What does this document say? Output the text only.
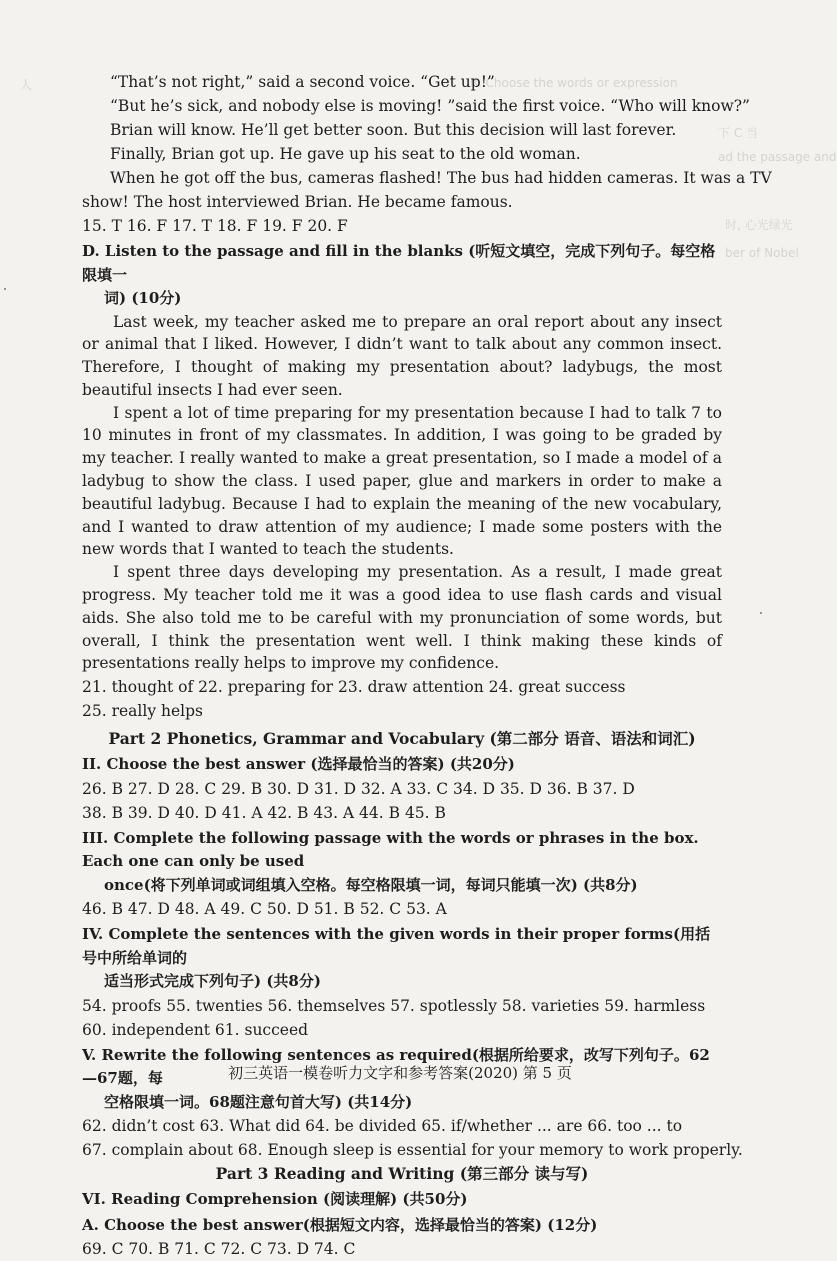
R. Choose the words or expression
人
下 C 当
ad the passage and
时, 心光绿光
ber of Nobel
“That’s not right,” said a second voice. “Get up!”
“But he’s sick, and nobody else is moving! ”said the first voice. “Who will know?”
Brian will know. He’ll get better soon. But this decision will last forever.
Finally, Brian got up. He gave up his seat to the old woman.
When he got off the bus, cameras flashed! The bus had hidden cameras. It was a TV
show! The host interviewed Brian. He became famous.
15. T 16. F 17. T 18. F 19. F 20. F
D. Listen to the passage and fill in the blanks (听短文填空，完成下列句子。每空格限填一
词) (10分)

Last week, my teacher asked me to prepare an oral report about any insect or animal that I liked. However, I didn’t want to talk about any common insect. Therefore, I thought of making my presentation about? ladybugs, the most beautiful insects I had ever seen.

I spent a lot of time preparing for my presentation because I had to talk 7 to 10 minutes in front of my classmates. In addition, I was going to be graded by my teacher. I really wanted to make a great presentation, so I made a model of a ladybug to show the class. I used paper, glue and markers in order to make a beautiful ladybug. Because I had to explain the meaning of the new vocabulary, and I wanted to draw attention of my audience; I made some posters with the new words that I wanted to teach the students.

I spent three days developing my presentation. As a result, I made great progress. My teacher told me it was a good idea to use flash cards and visual aids. She also told me to be careful with my pronunciation of some words, but overall, I think the presentation went well. I think making these kinds of presentations really helps to improve my confidence.

21. thought of 22. preparing for 23. draw attention 24. great success
25. really helps
Part 2 Phonetics, Grammar and Vocabulary (第二部分 语音、语法和词汇)
II. Choose the best answer (选择最恰当的答案) (共20分)
26. B 27. D 28. C 29. B 30. D 31. D 32. A 33. C 34. D 35. D 36. B 37. D
38. B 39. D 40. D 41. A 42. B 43. A 44. B 45. B
III. Complete the following passage with the words or phrases in the box. Each one can only be used
once(将下列单词或词组填入空格。每空格限填一词，每词只能填一次) (共8分)
46. B 47. D 48. A 49. C 50. D 51. B 52. C 53. A
IV. Complete the sentences with the given words in their proper forms(用括号中所给单词的
适当形式完成下列句子) (共8分)
54. proofs 55. twenties 56. themselves 57. spotlessly 58. varieties 59. harmless
60. independent 61. succeed
V. Rewrite the following sentences as required(根据所给要求，改写下列句子。62—67题，每
空格限填一词。68题注意句首大写) (共14分)
62. didn’t cost 63. What did 64. be divided 65. if/whether ... are 66. too ... to
67. complain about 68. Enough sleep is essential for your memory to work properly.
Part 3 Reading and Writing (第三部分 读与写)
VI. Reading Comprehension (阅读理解) (共50分)
A. Choose the best answer(根据短文内容，选择最恰当的答案) (12分)
69. C 70. B 71. C 72. C 73. D 74. C
初三英语一模卷听力文字和参考答案(2020) 第 5 页
